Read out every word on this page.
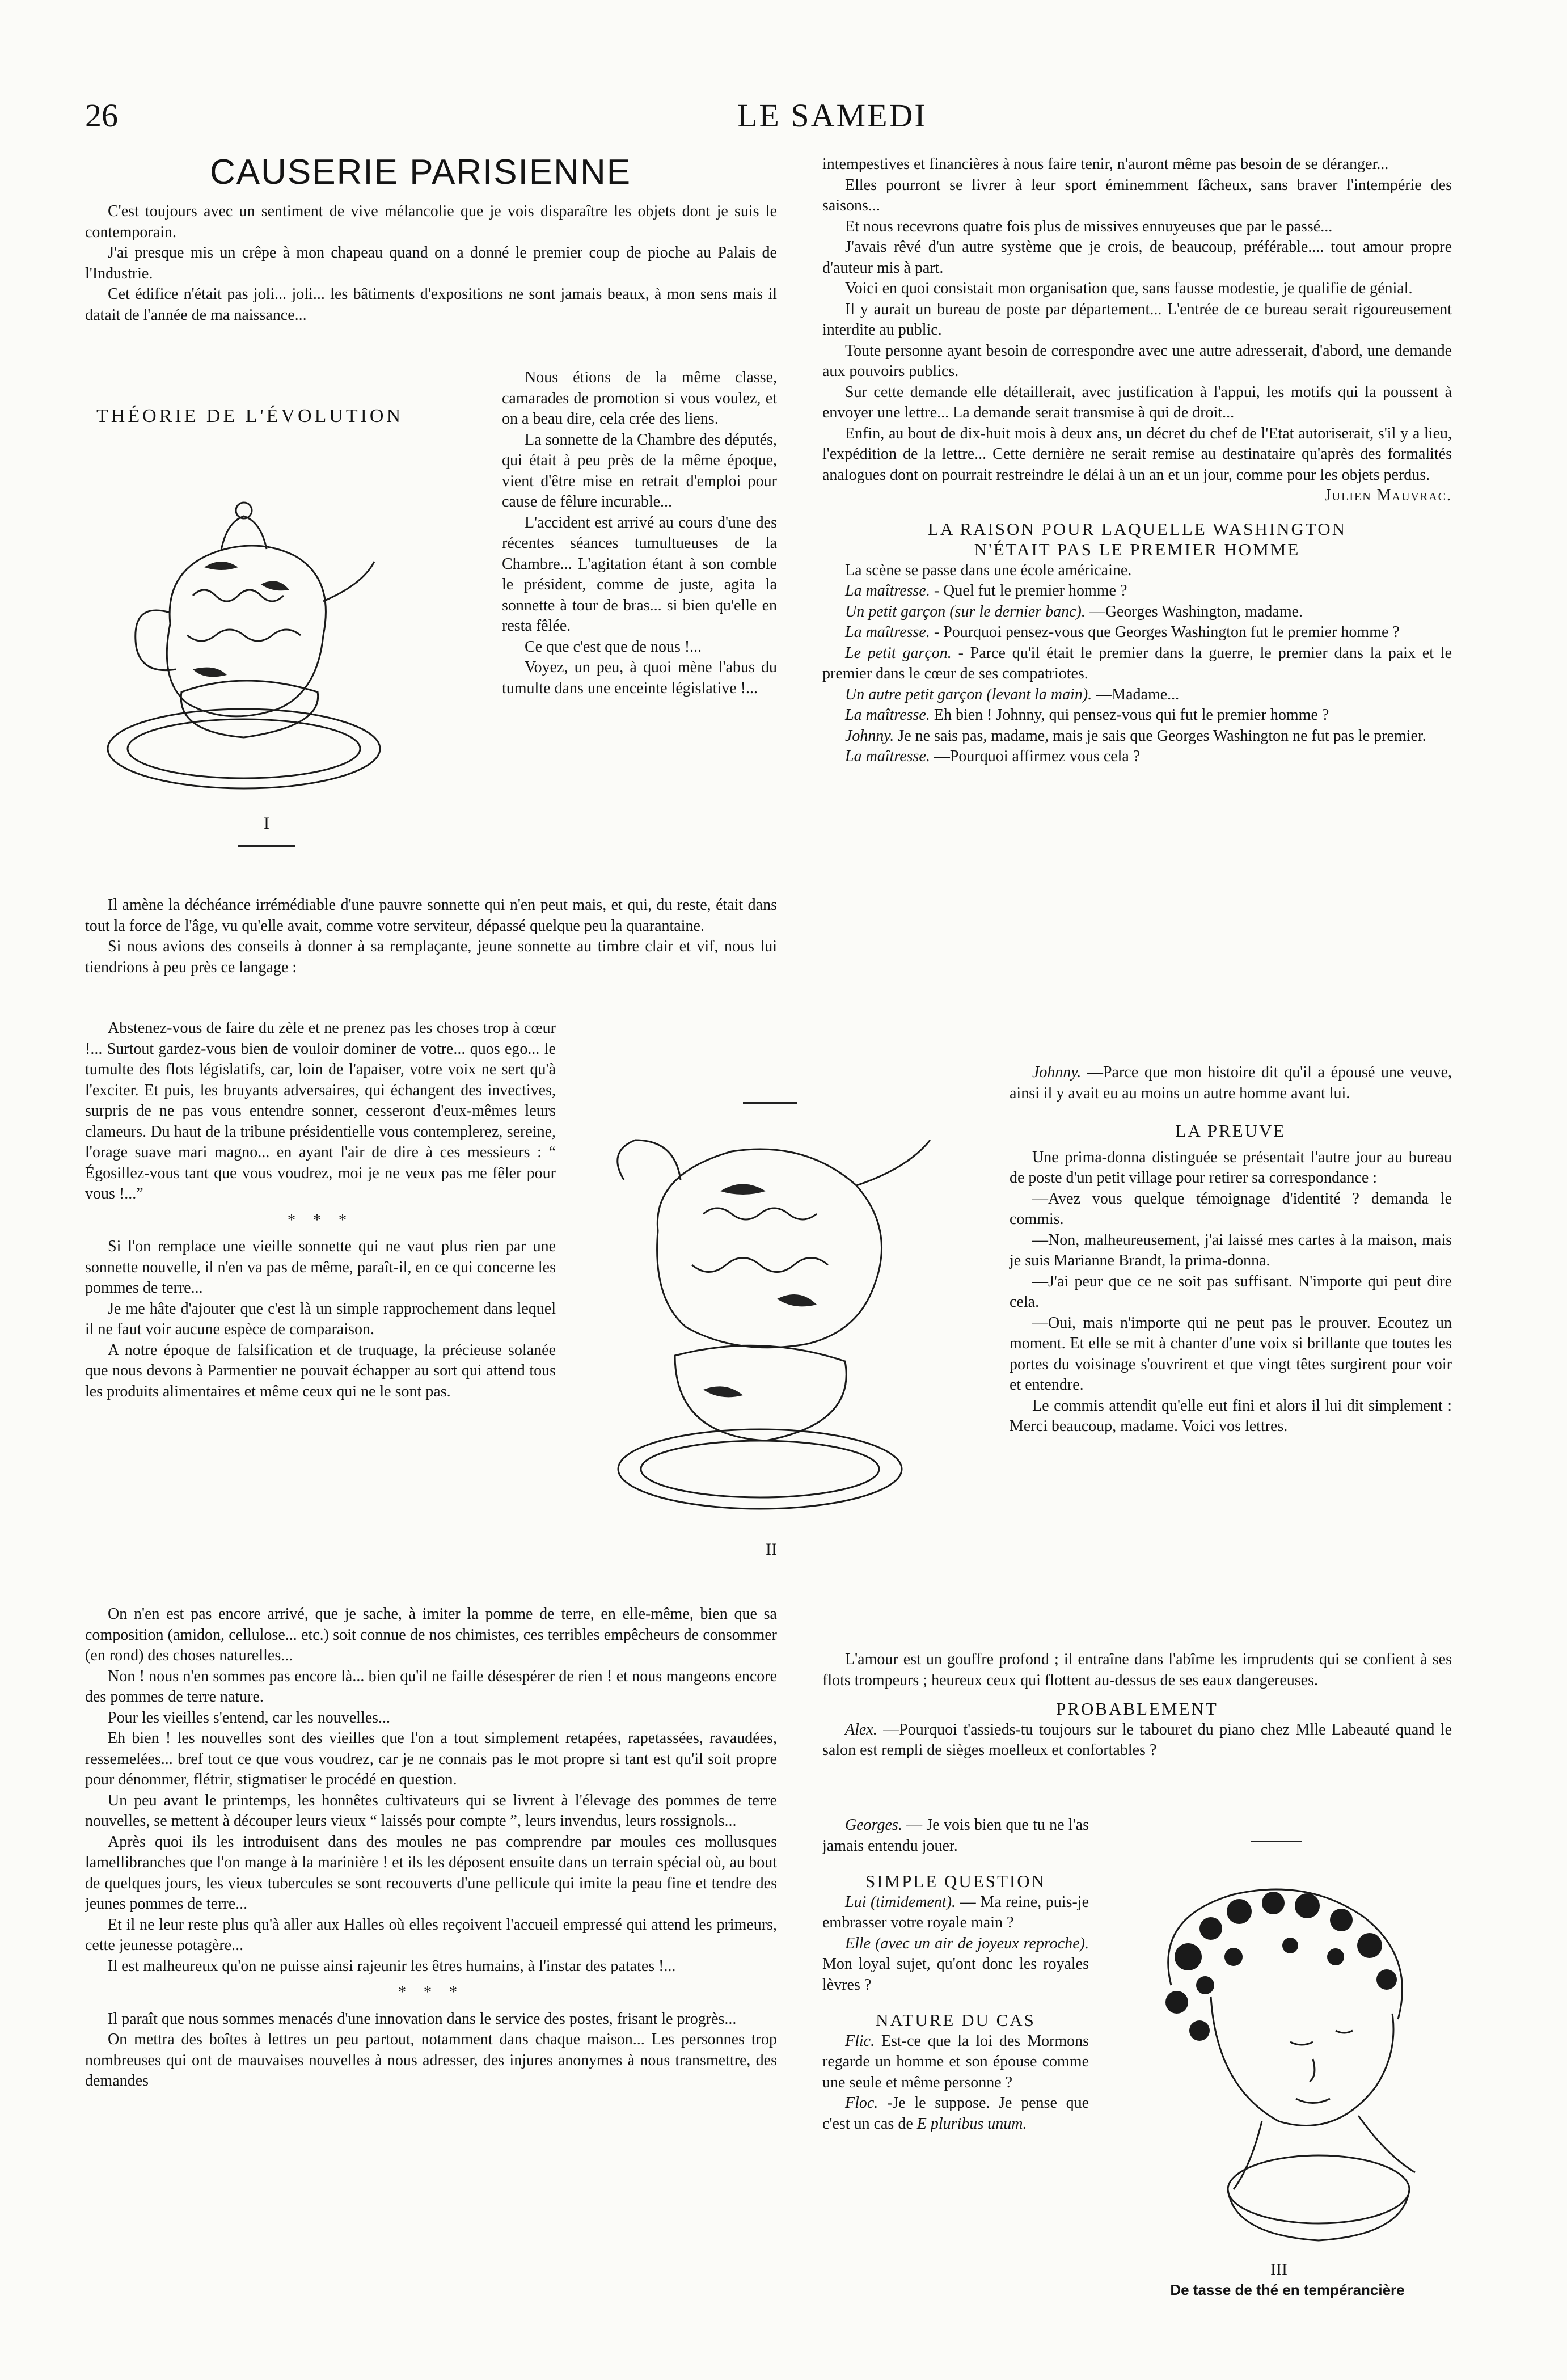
26	LE SAMEDI
CAUSERIE PARISIENNE

C'est toujours avec un sentiment de vive mélancolie que je vois disparaître les objets dont je suis le contemporain.

J'ai presque mis un crêpe à mon chapeau quand on a donné le premier coup de pioche au Palais de l'Industrie.

Cet édifice n'était pas joli... joli... les bâtiments d'expositions ne sont jamais beaux, à mon sens mais il datait de l'année de ma naissance...

THÉORIE DE L'ÉVOLUTION
I

Nous étions de la même classe, camarades de promotion si vous voulez, et on a beau dire, cela crée des liens.

La sonnette de la Chambre des députés, qui était à peu près de la même époque, vient d'être mise en retrait d'emploi pour cause de fêlure incurable...

L'accident est arrivé au cours d'une des récentes séances tumultueuses de la Chambre... L'agitation étant à son comble le président, comme de juste, agita la sonnette à tour de bras... si bien qu'elle en resta fêlée.

Ce que c'est que de nous !...

Voyez, un peu, à quoi mène l'abus du tumulte dans une enceinte législative !...

Il amène la déchéance irrémédiable d'une pauvre sonnette qui n'en peut mais, et qui, du reste, était dans tout la force de l'âge, vu qu'elle avait, comme votre serviteur, dépassé quelque peu la quarantaine.

Si nous avions des conseils à donner à sa remplaçante, jeune sonnette au timbre clair et vif, nous lui tiendrions à peu près ce langage :

Abstenez-vous de faire du zèle et ne prenez pas les choses trop à cœur !... Surtout gardez-vous bien de vouloir dominer de votre... quos ego... le tumulte des flots législatifs, car, loin de l'apaiser, votre voix ne sert qu'à l'exciter. Et puis, les bruyants adversaires, qui échangent des invectives, surpris de ne pas vous entendre sonner, cesseront d'eux-mêmes leurs clameurs. Du haut de la tribune présidentielle vous contemplerez, sereine, l'orage suave mari magno... en ayant l'air de dire à ces messieurs : “ Égosillez-vous tant que vous voudrez, moi je ne veux pas me fêler pour vous !...”

* * *

Si l'on remplace une vieille sonnette qui ne vaut plus rien par une sonnette nouvelle, il n'en va pas de même, paraît-il, en ce qui concerne les pommes de terre...

Je me hâte d'ajouter que c'est là un simple rapprochement dans lequel il ne faut voir aucune espèce de comparaison.

A notre époque de falsification et de truquage, la précieuse solanée que nous devons à Parmentier ne pouvait échapper au sort qui attend tous les produits alimentaires et même ceux qui ne le sont pas.

II

On n'en est pas encore arrivé, que je sache, à imiter la pomme de terre, en elle-même, bien que sa composition (amidon, cellulose... etc.) soit connue de nos chimistes, ces terribles empêcheurs de consommer (en rond) des choses naturelles...

Non ! nous n'en sommes pas encore là... bien qu'il ne faille désespérer de rien ! et nous mangeons encore des pommes de terre nature.

Pour les vieilles s'entend, car les nouvelles...

Eh bien ! les nouvelles sont des vieilles que l'on a tout simplement retapées, rapetassées, ravaudées, ressemelées... bref tout ce que vous voudrez, car je ne connais pas le mot propre si tant est qu'il soit propre pour dénommer, flétrir, stigmatiser le procédé en question.

Un peu avant le printemps, les honnêtes cultivateurs qui se livrent à l'élevage des pommes de terre nouvelles, se mettent à découper leurs vieux “ laissés pour compte ”, leurs invendus, leurs rossignols...

Après quoi ils les introduisent dans des moules ne pas comprendre par moules ces mollusques lamellibranches que l'on mange à la marinière ! et ils les déposent ensuite dans un terrain spécial où, au bout de quelques jours, les vieux tubercules se sont recouverts d'une pellicule qui imite la peau fine et tendre des jeunes pommes de terre...

Et il ne leur reste plus qu'à aller aux Halles où elles reçoivent l'accueil empressé qui attend les primeurs, cette jeunesse potagère...

Il est malheureux qu'on ne puisse ainsi rajeunir les êtres humains, à l'instar des patates !...

* * *

Il paraît que nous sommes menacés d'une innovation dans le service des postes, frisant le progrès...

On mettra des boîtes à lettres un peu partout, notamment dans chaque maison... Les personnes trop nombreuses qui ont de mauvaises nouvelles à nous adresser, des injures anonymes à nous transmettre, des demandes

intempestives et financières à nous faire tenir, n'auront même pas besoin de se déranger...

Elles pourront se livrer à leur sport éminemment fâcheux, sans braver l'intempérie des saisons...

Et nous recevrons quatre fois plus de missives ennuyeuses que par le passé...

J'avais rêvé d'un autre système que je crois, de beaucoup, préférable.... tout amour propre d'auteur mis à part.

Voici en quoi consistait mon organisation que, sans fausse modestie, je qualifie de génial.

Il y aurait un bureau de poste par département... L'entrée de ce bureau serait rigoureusement interdite au public.

Toute personne ayant besoin de correspondre avec une autre adresserait, d'abord, une demande aux pouvoirs publics.

Sur cette demande elle détaillerait, avec justification à l'appui, les motifs qui la poussent à envoyer une lettre... La demande serait transmise à qui de droit...

Enfin, au bout de dix-huit mois à deux ans, un décret du chef de l'Etat autoriserait, s'il y a lieu, l'expédition de la lettre... Cette dernière ne serait remise au destinataire qu'après des formalités analogues dont on pourrait restreindre le délai à un an et un jour, comme pour les objets perdus.

Julien Mauvrac.

LA RAISON POUR LAQUELLE WASHINGTON

N'ÉTAIT PAS LE PREMIER HOMME

La scène se passe dans une école américaine.

La maîtresse. - Quel fut le premier homme ?

Un petit garçon (sur le dernier banc). —Georges Washington, madame.

La maîtresse. - Pourquoi pensez-vous que Georges Washington fut le premier homme ?

Le petit garçon. - Parce qu'il était le premier dans la guerre, le premier dans la paix et le premier dans le cœur de ses compatriotes.

Un autre petit garçon (levant la main). —Madame...

La maîtresse. Eh bien ! Johnny, qui pensez-vous qui fut le premier homme ?

Johnny. Je ne sais pas, madame, mais je sais que Georges Washington ne fut pas le premier.

La maîtresse. —Pourquoi affirmez vous cela ?

Johnny. —Parce que mon histoire dit qu'il a épousé une veuve, ainsi il y avait eu au moins un autre homme avant lui.

LA PREUVE

Une prima-donna distinguée se présentait l'autre jour au bureau de poste d'un petit village pour retirer sa correspondance :

—Avez vous quelque témoignage d'identité ? demanda le commis.

—Non, malheureusement, j'ai laissé mes cartes à la maison, mais je suis Marianne Brandt, la prima-donna.

—J'ai peur que ce ne soit pas suffisant. N'importe qui peut dire cela.

—Oui, mais n'importe qui ne peut pas le prouver. Ecoutez un moment. Et elle se mit à chanter d'une voix si brillante que toutes les portes du voisinage s'ouvrirent et que vingt têtes surgirent pour voir et entendre.

Le commis attendit qu'elle eut fini et alors il lui dit simplement : Merci beaucoup, madame. Voici vos lettres.

L'amour est un gouffre profond ; il entraîne dans l'abîme les imprudents qui se confient à ses flots trompeurs ; heureux ceux qui flottent au-dessus de ses eaux dangereuses.

PROBABLEMENT

Alex. —Pourquoi t'assieds-tu toujours sur le tabouret du piano chez Mlle Labeauté quand le salon est rempli de sièges moelleux et confortables ?

Georges. — Je vois bien que tu ne l'as jamais entendu jouer.

SIMPLE QUESTION

Lui (timidement). — Ma reine, puis-je embrasser votre royale main ?

Elle (avec un air de joyeux reproche). Mon loyal sujet, qu'ont donc les royales lèvres ?

NATURE DU CAS

Flic. Est-ce que la loi des Mormons regarde un homme et son épouse comme une seule et même personne ?

Floc. -Je le suppose. Je pense que c'est un cas de E pluribus unum.

III
De tasse de thé en tempérancière
